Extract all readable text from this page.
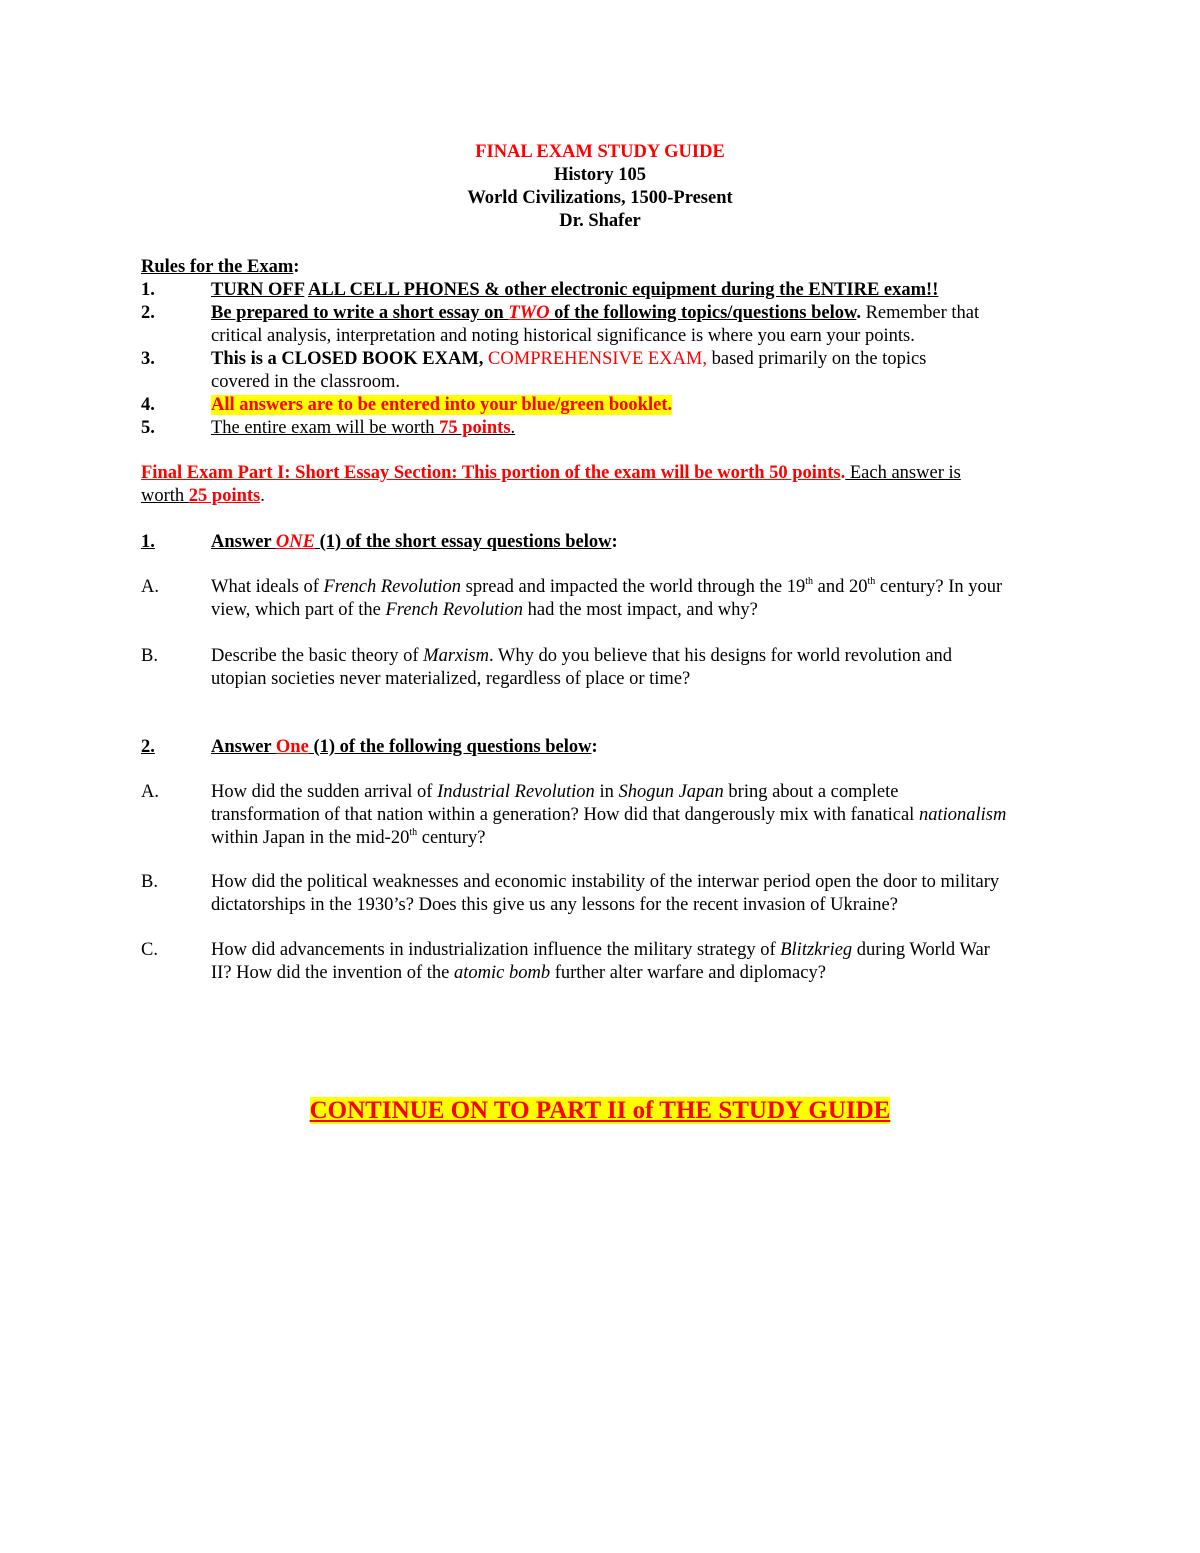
FINAL EXAM STUDY GUIDE
History 105
World Civilizations, 1500-Present
Dr. Shafer
Rules for the Exam:
1.	TURN OFF ALL CELL PHONES & other electronic equipment during the ENTIRE exam!!
2.	Be prepared to write a short essay on TWO of the following topics/questions below. Remember that
critical analysis, interpretation and noting historical significance is where you earn your points.
3.	This is a CLOSED BOOK EXAM, COMPREHENSIVE EXAM, based primarily on the topics
covered in the classroom.
4.	All answers are to be entered into your blue/green booklet.
5.	The entire exam will be worth 75 points.
Final Exam Part I: Short Essay Section: This portion of the exam will be worth 50 points. Each answer is
worth 25 points.
1.	Answer ONE (1) of the short essay questions below:
A.	What ideals of French Revolution spread and impacted the world through the 19th and 20th century? In your
view, which part of the French Revolution had the most impact, and why?
B.	Describe the basic theory of Marxism. Why do you believe that his designs for world revolution and
utopian societies never materialized, regardless of place or time?
2.	Answer One (1) of the following questions below:
A.	How did the sudden arrival of Industrial Revolution in Shogun Japan bring about a complete
transformation of that nation within a generation? How did that dangerously mix with fanatical nationalism
within Japan in the mid-20th century?
B.	How did the political weaknesses and economic instability of the interwar period open the door to military
dictatorships in the 1930’s? Does this give us any lessons for the recent invasion of Ukraine?
C.	How did advancements in industrialization influence the military strategy of Blitzkrieg during World War
II? How did the invention of the atomic bomb further alter warfare and diplomacy?
CONTINUE ON TO PART II of THE STUDY GUIDE
